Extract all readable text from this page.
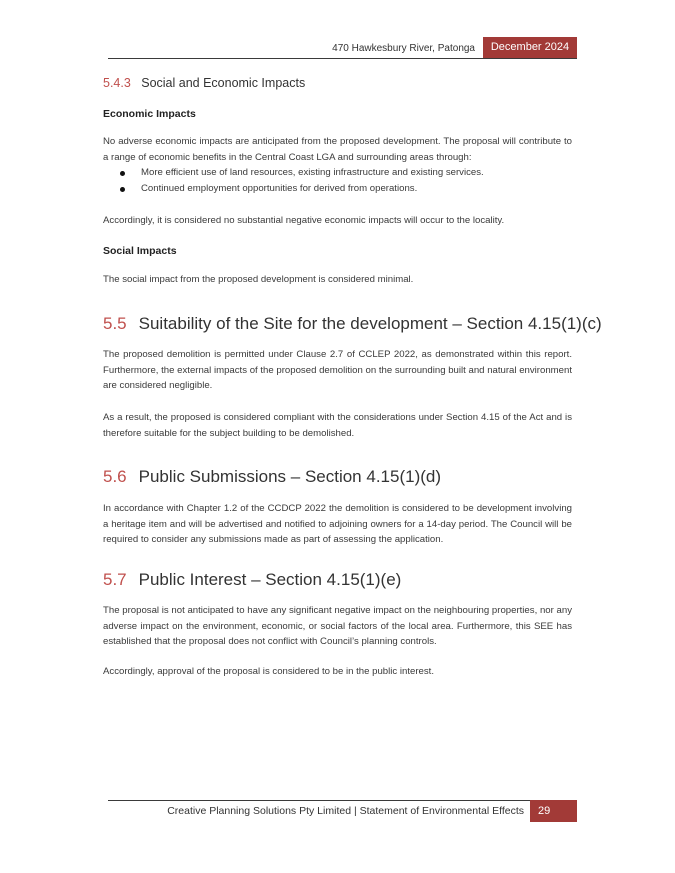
470 Hawkesbury River, Patonga	December 2024
5.4.3 Social and Economic Impacts
Economic Impacts

No adverse economic impacts are anticipated from the proposed development. The proposal will contribute to a range of economic benefits in the Central Coast LGA and surrounding areas through:

More efficient use of land resources, existing infrastructure and existing services.
Continued employment opportunities for derived from operations.

Accordingly, it is considered no substantial negative economic impacts will occur to the locality.

Social Impacts

The social impact from the proposed development is considered minimal.

5.5 Suitability of the Site for the development – Section 4.15(1)(c)

The proposed demolition is permitted under Clause 2.7 of CCLEP 2022, as demonstrated within this report. Furthermore, the external impacts of the proposed demolition on the surrounding built and natural environment are considered negligible.

As a result, the proposed is considered compliant with the considerations under Section 4.15 of the Act and is therefore suitable for the subject building to be demolished.

5.6 Public Submissions – Section 4.15(1)(d)

In accordance with Chapter 1.2 of the CCDCP 2022 the demolition is considered to be development involving a heritage item and will be advertised and notified to adjoining owners for a 14-day period. The Council will be required to consider any submissions made as part of assessing the application.

5.7 Public Interest – Section 4.15(1)(e)

The proposal is not anticipated to have any significant negative impact on the neighbouring properties, nor any adverse impact on the environment, economic, or social factors of the local area. Furthermore, this SEE has established that the proposal does not conflict with Council’s planning controls.

Accordingly, approval of the proposal is considered to be in the public interest.

Creative Planning Solutions Pty Limited | Statement of Environmental Effects	29
